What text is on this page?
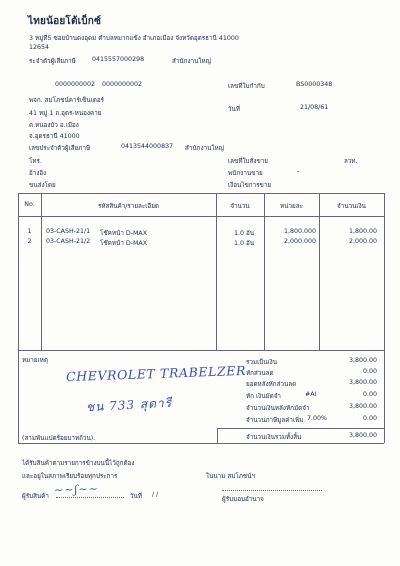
ไทยน้อยโต้เบ็กซ์
3 หมู่ที่5 ซอยบ้านดงอุดม ตำบลหมากแข้ง อำเภอเมือง จังหวัดอุดรธานี 41000
12654
ระจำตัวผู้เสียภาษี	0415557000298	สำนักงานใหญ่
0000000002 0000000002	เลขที่ใบกำกับ	BS0000348
พจก. สมโภชน์คาร์เซ็นเตอร์
41 หมู่ 1 ถ.อุดร-หนองคาย
วันที่	21/08/61
ต.หนองบัว อ.เมือง
จ.อุดรธานี 41000
เลขประจำตัวผู้เสียภาษี	0413544000837 สำนักงานใหญ่
โทร.	เลขที่ใบสั่งขาย	ลวท.
อ้างอิง	พนักงานขาย	-
ขนส่งโดย	เงื่อนไขการขาย
No.	รหัสสินค้า/รายละเอียด	จำนวน	หน่วยละ	จำนวนเงิน
1	03-CASH-21/1 โช๊คหน้า D-MAX	1.0 อัน	1,800.000	1,800.00
2	03-CASH-21/2 โช๊คหน้า D-MAX	1.0 อัน	2,000.000	2,000.00
หมายเหตุ
CHEVROLET TRABELZER
ชน 733 สุดารี
(สามพันแปดร้อยบาทถ้วน).
รวมเป็นเงิน	3,800.00
หักส่วนลด	0.00
ยอดหลังหักส่วนลด	3,800.00
หัก เงินมัดจำ	#AI	0.00
จำนวนเงินหลังหักมัดจำ	3,800.00
จำนวนภาษีมูลค่าเพิ่ม 7.00%	0.00
จำนวนเงินรวมทั้งสิ้น	3,800.00
ได้รับสินค้าตามรายการข้างบนนี้ไว้ถูกต้อง
และอยู่ในสภาพเรียบร้อยทุกประการ	ในนาม สมโภชน์ฯ
ผู้รับสินค้า ~~ʃ~~	วันที่ / /
ผู้รับมอบอำนาจ
